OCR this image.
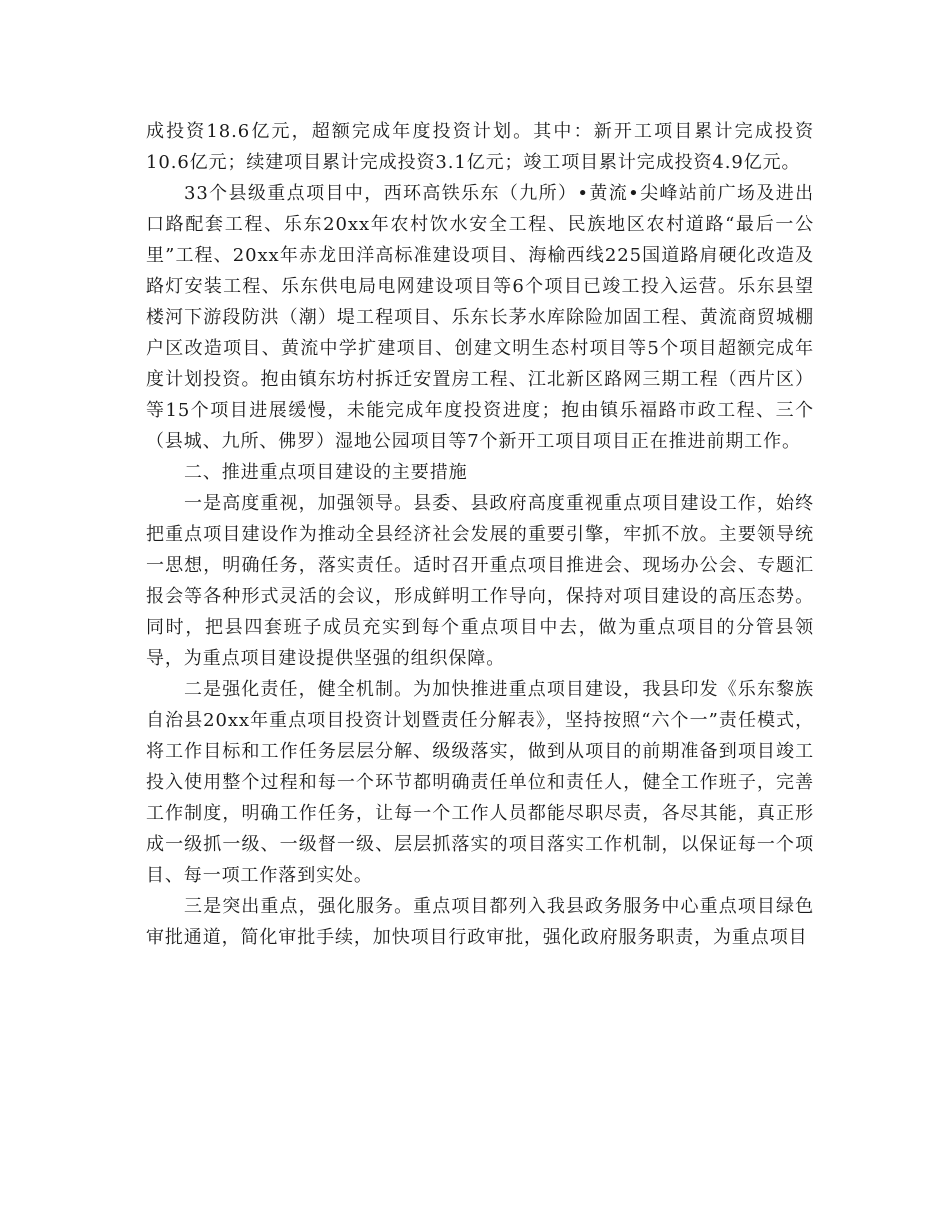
成投资18.6亿元，超额完成年度投资计划。其中：新开工项目累计完成投资10.6亿元；续建项目累计完成投资3.1亿元；竣工项目累计完成投资4.9亿元。

33个县级重点项目中，西环高铁乐东（九所）•黄流•尖峰站前广场及进出口路配套工程、乐东20xx年农村饮水安全工程、民族地区农村道路“最后一公里”工程、20xx年赤龙田洋高标准建设项目、海榆西线225国道路肩硬化改造及路灯安装工程、乐东供电局电网建设项目等6个项目已竣工投入运营。乐东县望楼河下游段防洪（潮）堤工程项目、乐东长茅水库除险加固工程、黄流商贸城棚户区改造项目、黄流中学扩建项目、创建文明生态村项目等5个项目超额完成年度计划投资。抱由镇东坊村拆迁安置房工程、江北新区路网三期工程（西片区）等15个项目进展缓慢，未能完成年度投资进度；抱由镇乐福路市政工程、三个（县城、九所、佛罗）湿地公园项目等7个新开工项目项目正在推进前期工作。

二、推进重点项目建设的主要措施

一是高度重视，加强领导。县委、县政府高度重视重点项目建设工作，始终把重点项目建设作为推动全县经济社会发展的重要引擎，牢抓不放。主要领导统一思想，明确任务，落实责任。适时召开重点项目推进会、现场办公会、专题汇报会等各种形式灵活的会议，形成鲜明工作导向，保持对项目建设的高压态势。同时，把县四套班子成员充实到每个重点项目中去，做为重点项目的分管县领导，为重点项目建设提供坚强的组织保障。

二是强化责任，健全机制。为加快推进重点项目建设，我县印发《乐东黎族自治县20xx年重点项目投资计划暨责任分解表》，坚持按照“六个一”责任模式，将工作目标和工作任务层层分解、级级落实，做到从项目的前期准备到项目竣工投入使用整个过程和每一个环节都明确责任单位和责任人，健全工作班子，完善工作制度，明确工作任务，让每一个工作人员都能尽职尽责，各尽其能，真正形成一级抓一级、一级督一级、层层抓落实的项目落实工作机制，以保证每一个项目、每一项工作落到实处。

三是突出重点，强化服务。重点项目都列入我县政务服务中心重点项目绿色审批通道，简化审批手续，加快项目行政审批，强化政府服务职责，为重点项目
